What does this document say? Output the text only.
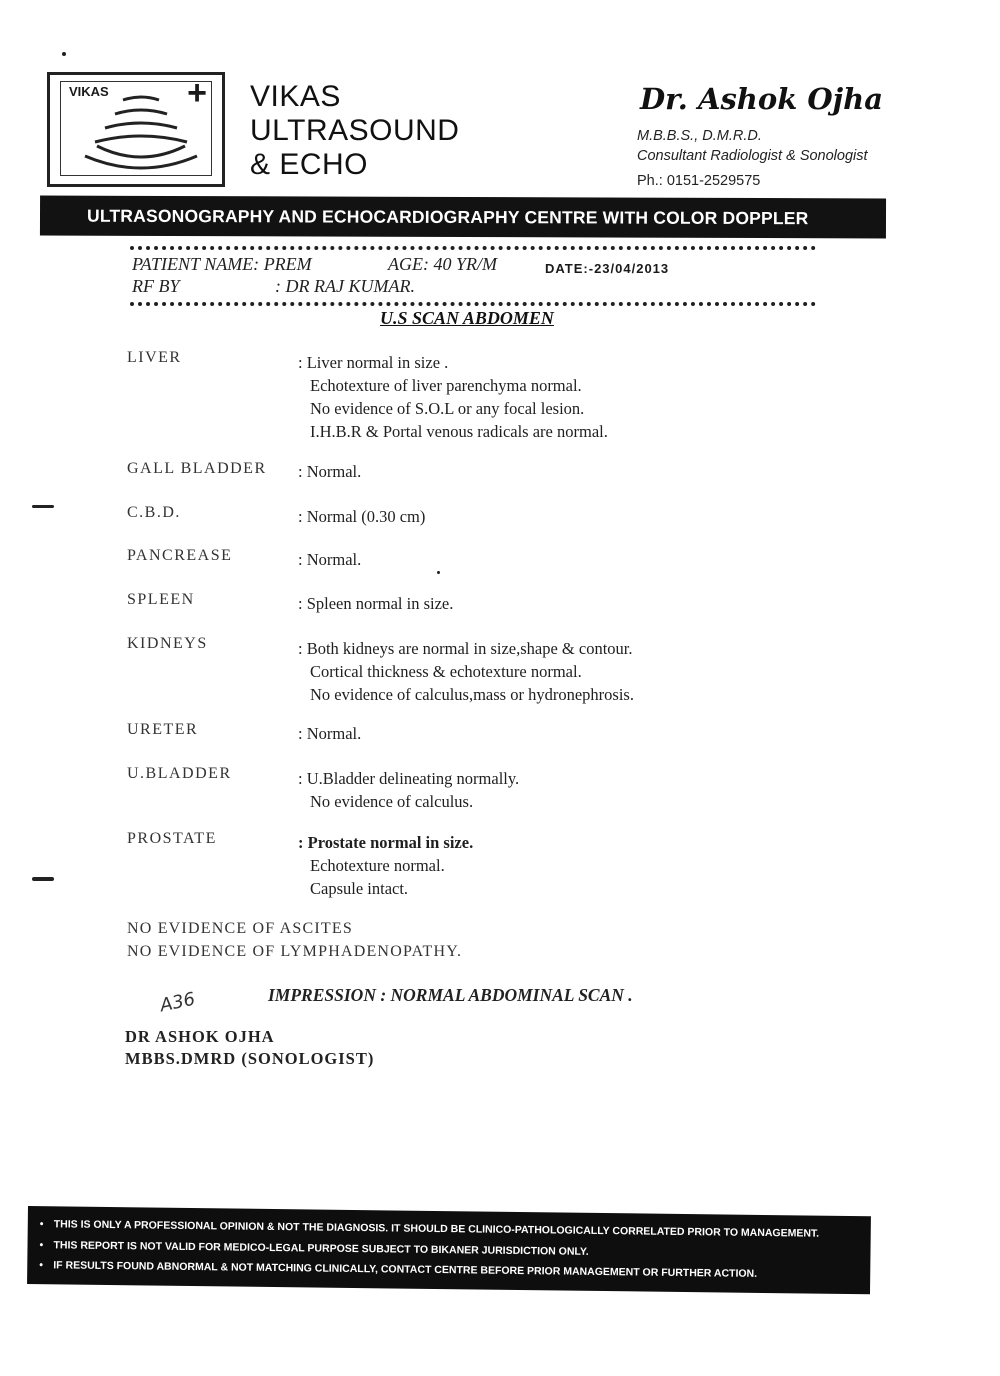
VIKAS + VIKAS
ULTRASOUND
& ECHO
Dr. Ashok Ojha
M.B.B.S., D.M.R.D.
Consultant Radiologist & Sonologist
Ph.: 0151-2529575
ULTRASONOGRAPHY AND ECHOCARDIOGRAPHY CENTRE WITH COLOR DOPPLER
PATIENT NAME: PREM	AGE: 40 YR/M	DATE:-23/04/2013
RF BY	: DR RAJ KUMAR.
U.S SCAN ABDOMEN
LIVER	: Liver normal in size .
Echotexture of liver parenchyma normal.
No evidence of S.O.L or any focal lesion.
I.H.B.R & Portal venous radicals are normal.
GALL BLADDER : Normal.
C.B.D.	: Normal (0.30 cm)
PANCREASE	: Normal.
SPLEEN	: Spleen normal in size.
KIDNEYS	: Both kidneys are normal in size,shape & contour.
Cortical thickness & echotexture normal.
No evidence of calculus,mass or hydronephrosis.
URETER	: Normal.
U.BLADDER	: U.Bladder delineating normally.
No evidence of calculus.
PROSTATE	: Prostate normal in size.
Echotexture normal.
Capsule intact.
NO EVIDENCE OF ASCITES
NO EVIDENCE OF LYMPHADENOPATHY.
A36	IMPRESSION : NORMAL ABDOMINAL SCAN .
DR ASHOK OJHA
MBBS.DMRD (SONOLOGIST)
• THIS IS ONLY A PROFESSIONAL OPINION & NOT THE DIAGNOSIS. IT SHOULD BE CLINICO-PATHOLOGICALLY CORRELATED PRIOR TO MANAGEMENT.
• THIS REPORT IS NOT VALID FOR MEDICO-LEGAL PURPOSE SUBJECT TO BIKANER JURISDICTION ONLY.
• IF RESULTS FOUND ABNORMAL & NOT MATCHING CLINICALLY, CONTACT CENTRE BEFORE PRIOR MANAGEMENT OR FURTHER ACTION.
